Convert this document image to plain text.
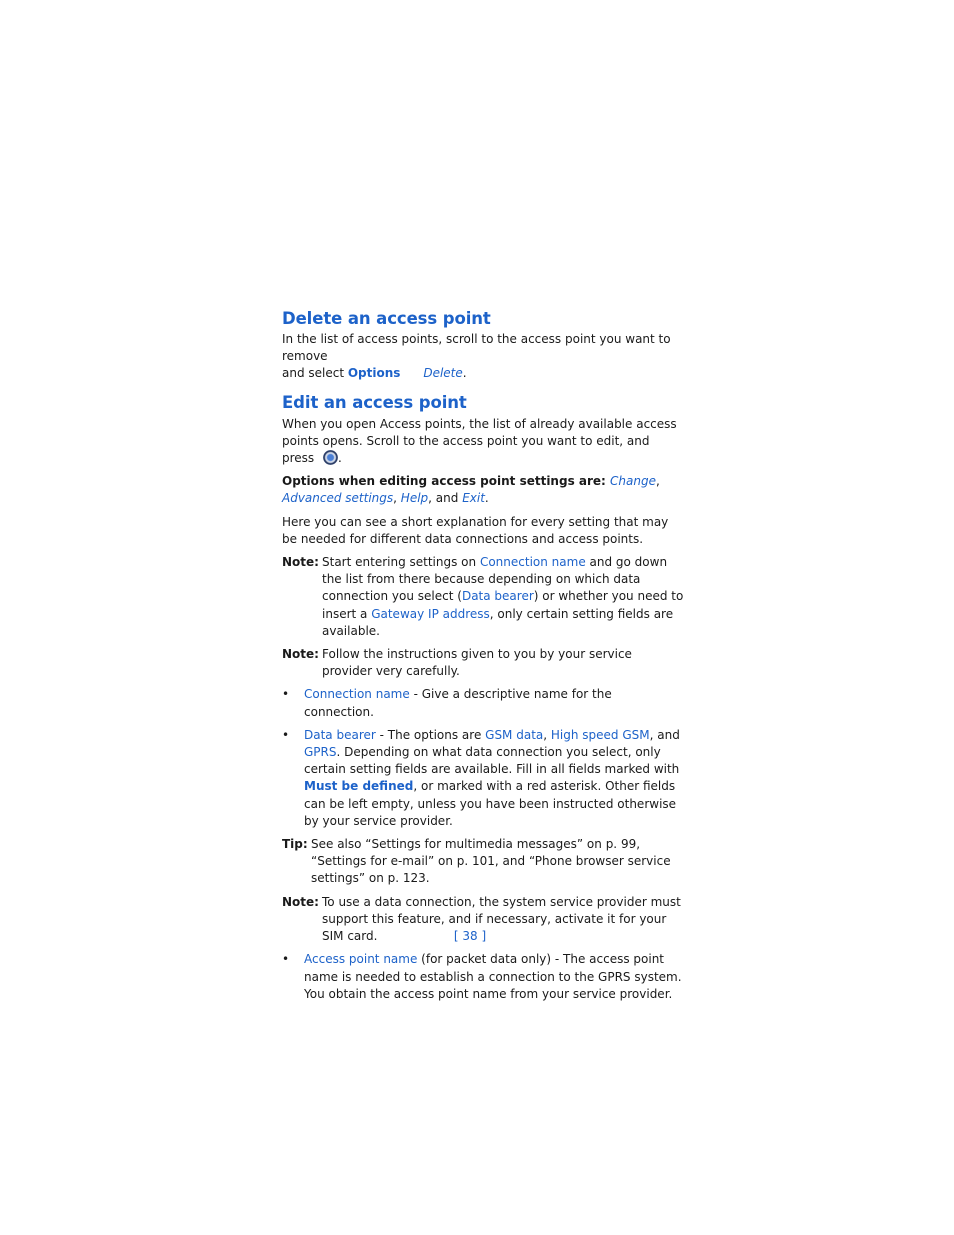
Delete an access point

In the list of access points, scroll to the access point you want to remove
and select Options Delete.

Edit an access point

When you open Access points, the list of already available access points opens. Scroll to the access point you want to edit, and press .

Options when editing access point settings are: Change, Advanced settings, Help, and Exit.

Here you can see a short explanation for every setting that may be needed for different data connections and access points.

Note: Start entering settings on Connection name and go down the list from there because depending on which data connection you select (Data bearer) or whether you need to insert a Gateway IP address, only certain setting fields are available.
Note: Follow the instructions given to you by your service provider very carefully.
•	Connection name - Give a descriptive name for the connection.
•	Data bearer - The options are GSM data, High speed GSM, and GPRS. Depending on what data connection you select, only certain setting fields are available. Fill in all fields marked with Must be defined, or marked with a red asterisk. Other fields can be left empty, unless you have been instructed otherwise by your service provider.
Tip: See also “Settings for multimedia messages” on p. 99, “Settings for e-mail” on p. 101, and “Phone browser service settings” on p. 123.
Note: To use a data connection, the system service provider must support this feature, and if necessary, activate it for your SIM card.
•	Access point name (for packet data only) - The access point name is needed to establish a connection to the GPRS system. You obtain the access point name from your service provider.
[ 38 ]
